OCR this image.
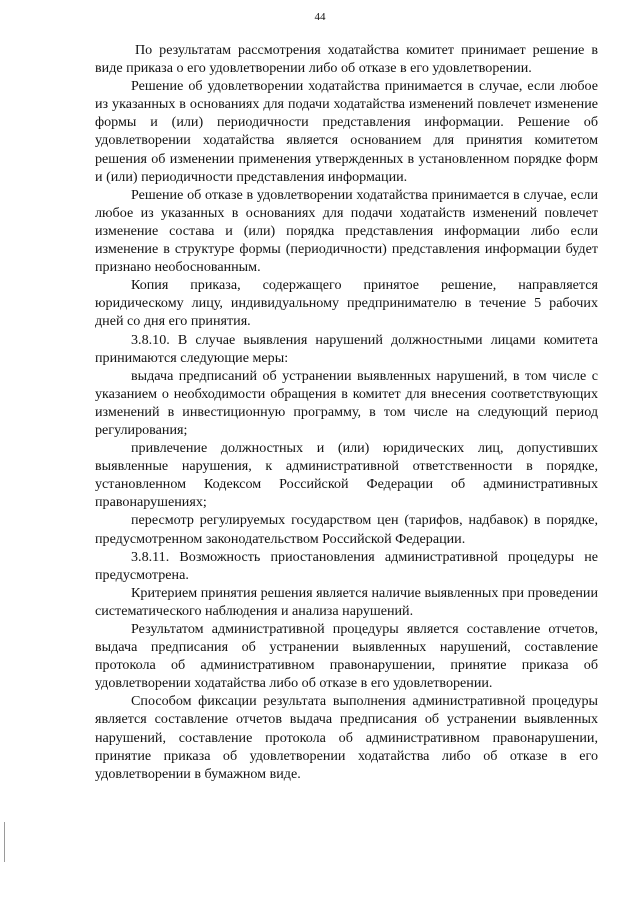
44

По результатам рассмотрения ходатайства комитет принимает решение в виде приказа о его удовлетворении либо об отказе в его удовлетворении.

Решение об удовлетворении ходатайства принимается в случае, если любое из указанных в основаниях для подачи ходатайства изменений повлечет изменение формы и (или) периодичности представления информации. Решение об удовлетворении ходатайства является основанием для принятия комитетом решения об изменении применения утвержденных в установленном порядке форм и (или) периодичности представления информации.

Решение об отказе в удовлетворении ходатайства принимается в случае, если любое из указанных в основаниях для подачи ходатайств изменений повлечет изменение состава и (или) порядка представления информации либо если изменение в структуре формы (периодичности) представления информации будет признано необоснованным.

Копия приказа, содержащего принятое решение, направляется юридическому лицу, индивидуальному предпринимателю в течение 5 рабочих дней со дня его принятия.

3.8.10. В случае выявления нарушений должностными лицами комитета принимаются следующие меры:

выдача предписаний об устранении выявленных нарушений, в том числе с указанием о необходимости обращения в комитет для внесения соответствующих изменений в инвестиционную программу, в том числе на следующий период регулирования;

привлечение должностных и (или) юридических лиц, допустивших выявленные нарушения, к административной ответственности в порядке, установленном Кодексом Российской Федерации об административных правонарушениях;

пересмотр регулируемых государством цен (тарифов, надбавок) в порядке, предусмотренном законодательством Российской Федерации.

3.8.11. Возможность приостановления административной процедуры не предусмотрена.

Критерием принятия решения является наличие выявленных при проведении систематического наблюдения и анализа нарушений.

Результатом административной процедуры является составление отчетов, выдача предписания об устранении выявленных нарушений, составление протокола об административном правонарушении, принятие приказа об удовлетворении ходатайства либо об отказе в его удовлетворении.

Способом фиксации результата выполнения административной процедуры является составление отчетов выдача предписания об устранении выявленных нарушений, составление протокола об административном правонарушении, принятие приказа об удовлетворении ходатайства либо об отказе в его удовлетворении в бумажном виде.
